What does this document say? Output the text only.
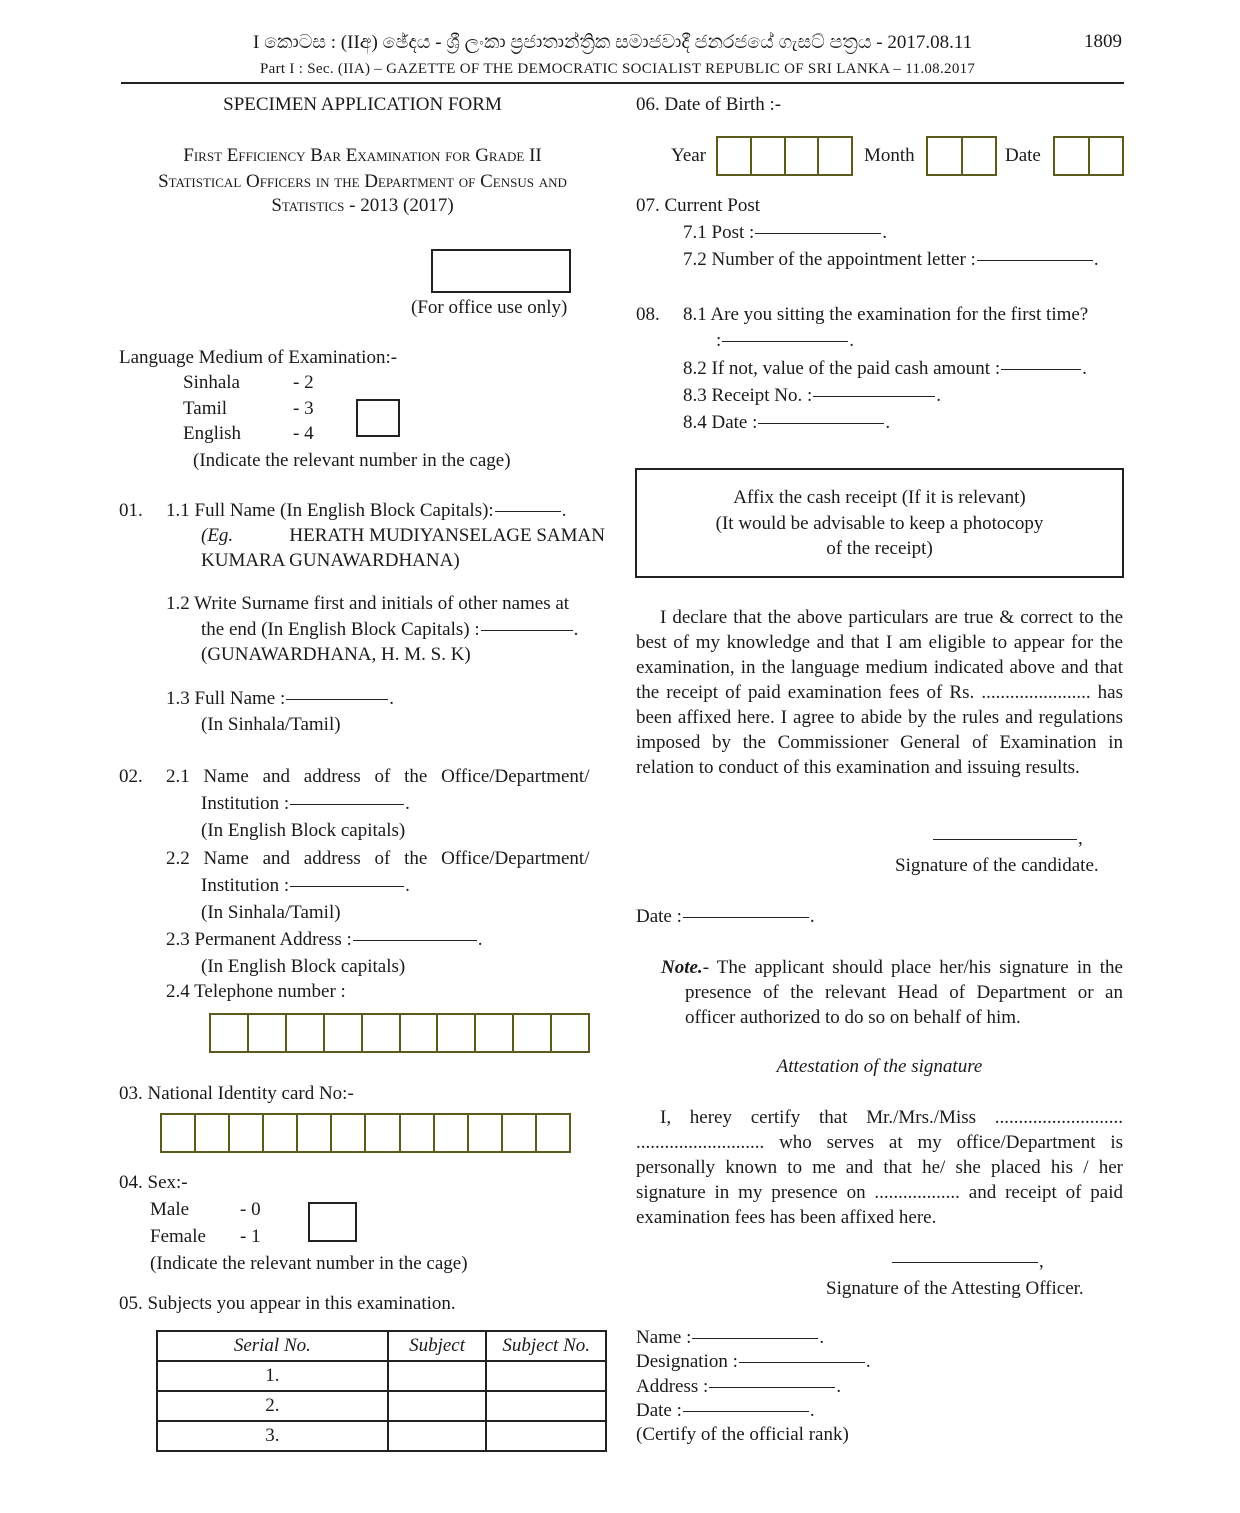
I කොටස : (IIඅ) ඡේදය - ශ්‍රී ලංකා ප්‍රජාතාන්ත්‍රික සමාජවාදී ජනරජයේ ගැසට් පත්‍රය - 2017.08.11	1809
Part I : Sec. (IIA) – GAZETTE OF THE DEMOCRATIC SOCIALIST REPUBLIC OF SRI LANKA – 11.08.2017
SPECIMEN APPLICATION FORM
First Efficiency Bar Examination for Grade II
Statistical Officers in the Department of Census and
Statistics - 2013 (2017)
(For office use only)
Language Medium of Examination:-
Sinhala	- 2
Tamil	- 3
English	- 4
(Indicate the relevant number in the cage)
01. 1.1 Full Name (In English Block Capitals):	.
(Eg.	HERATH MUDIYANSELAGE SAMAN
KUMARA GUNAWARDHANA)
1.2 Write Surname first and initials of other names at
the end (In English Block Capitals) :	.
(GUNAWARDHANA, H. M. S. K)
1.3 Full Name :	.
(In Sinhala/Tamil)
02. 2.1 Name and address of the Office/Department/
Institution :	.
(In English Block capitals)
2.2 Name and address of the Office/Department/
Institution :	.
(In Sinhala/Tamil)
2.3 Permanent Address :	.
(In English Block capitals)
2.4 Telephone number :
03. National Identity card No:-
04. Sex:-
Male	- 0
Female - 1
(Indicate the relevant number in the cage)
05. Subjects you appear in this examination.
Serial No.	Subject	Subject No.
1.		
2.		
3.		
06. Date of Birth :-
Year	Month	Date
07. Current Post
7.1 Post :	.
7.2 Number of the appointment letter :	.
08. 8.1 Are you sitting the examination for the first time?
:	.
8.2 If not, value of the paid cash amount :	.
8.3 Receipt No. :	.
8.4 Date :	.
Affix the cash receipt (If it is relevant)
(It would be advisable to keep a photocopy
of the receipt)
I declare that the above particulars are true & correct to the best of my knowledge and that I am eligible to appear for the examination, in the language medium indicated above and that the receipt of paid examination fees of Rs. ....................... has been affixed here. I agree to abide by the rules and regulations imposed by the Commissioner General of Examination in relation to conduct of this examination and issuing results.
,
Signature of the candidate.
Date :	.
Note.- The applicant should place her/his signature in the presence of the relevant Head of Department or an officer authorized to do so on behalf of him.
Attestation of the signature
I, herey certify that Mr./Mrs./Miss ........................... ........................... who serves at my office/Department is personally known to me and that he/ she placed his / her signature in my presence on .................. and receipt of paid examination fees has been affixed here.
,
Signature of the Attesting Officer.
Name :	.
Designation :	.
Address :	.
Date :	.
(Certify of the official rank)
